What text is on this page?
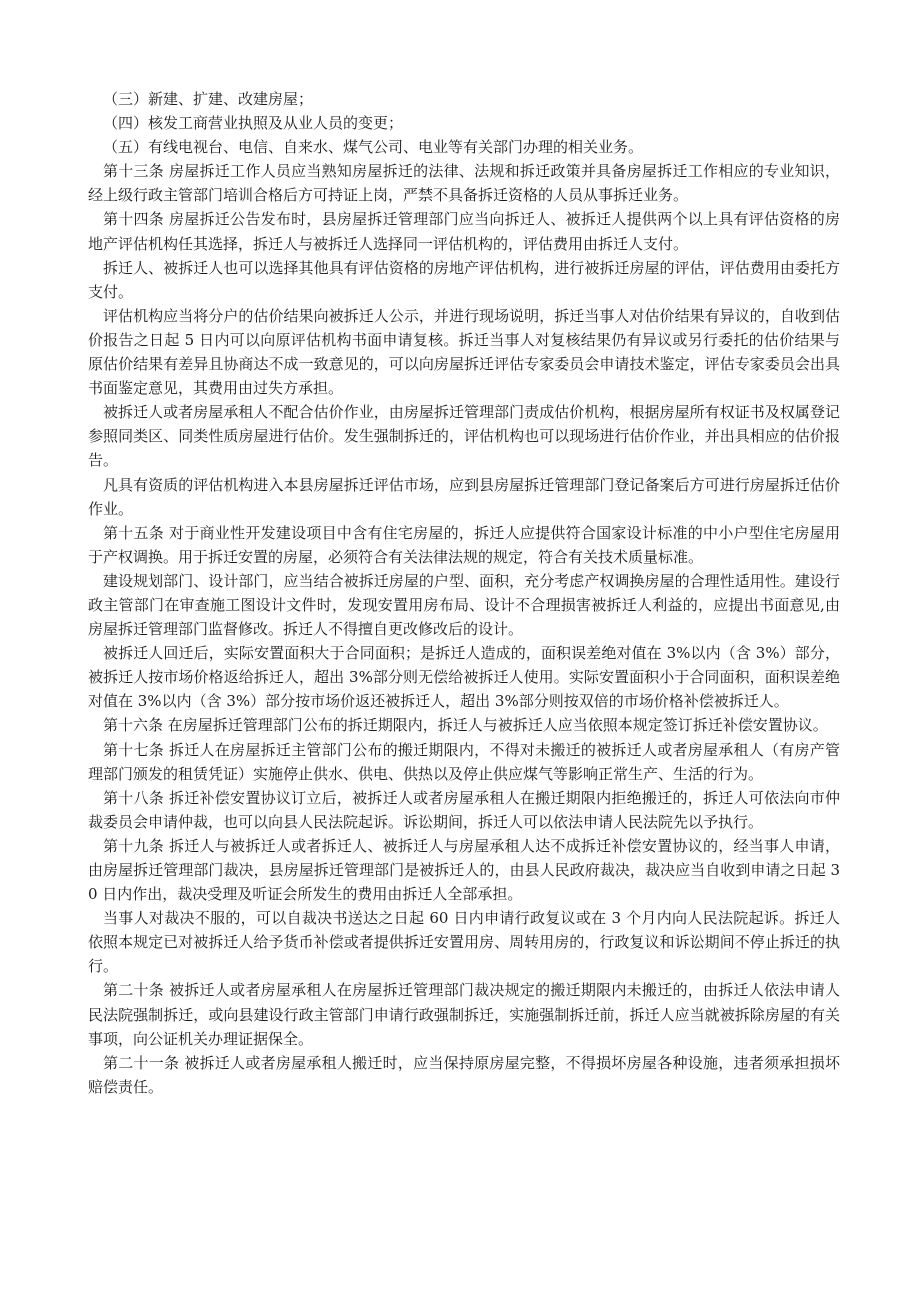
（三）新建、扩建、改建房屋；

（四）核发工商营业执照及从业人员的变更；

（五）有线电视台、电信、自来水、煤气公司、电业等有关部门办理的相关业务。

第十三条 房屋拆迁工作人员应当熟知房屋拆迁的法律、法规和拆迁政策并具备房屋拆迁工作相应的专业知识，经上级行政主管部门培训合格后方可持证上岗，严禁不具备拆迁资格的人员从事拆迁业务。

第十四条 房屋拆迁公告发布时，县房屋拆迁管理部门应当向拆迁人、被拆迁人提供两个以上具有评估资格的房地产评估机构任其选择，拆迁人与被拆迁人选择同一评估机构的，评估费用由拆迁人支付。

拆迁人、被拆迁人也可以选择其他具有评估资格的房地产评估机构，进行被拆迁房屋的评估，评估费用由委托方支付。

评估机构应当将分户的估价结果向被拆迁人公示，并进行现场说明，拆迁当事人对估价结果有异议的，自收到估价报告之日起 5 日内可以向原评估机构书面申请复核。拆迁当事人对复核结果仍有异议或另行委托的估价结果与原估价结果有差异且协商达不成一致意见的，可以向房屋拆迁评估专家委员会申请技术鉴定，评估专家委员会出具书面鉴定意见，其费用由过失方承担。

被拆迁人或者房屋承租人不配合估价作业，由房屋拆迁管理部门责成估价机构，根据房屋所有权证书及权属登记参照同类区、同类性质房屋进行估价。发生强制拆迁的，评估机构也可以现场进行估价作业，并出具相应的估价报告。

凡具有资质的评估机构进入本县房屋拆迁评估市场，应到县房屋拆迁管理部门登记备案后方可进行房屋拆迁估价作业。

第十五条 对于商业性开发建设项目中含有住宅房屋的，拆迁人应提供符合国家设计标准的中小户型住宅房屋用于产权调换。用于拆迁安置的房屋，必须符合有关法律法规的规定，符合有关技术质量标准。

建设规划部门、设计部门，应当结合被拆迁房屋的户型、面积，充分考虑产权调换房屋的合理性适用性。建设行政主管部门在审查施工图设计文件时，发现安置用房布局、设计不合理损害被拆迁人利益的，应提出书面意见,由房屋拆迁管理部门监督修改。拆迁人不得擅自更改修改后的设计。

被拆迁人回迁后，实际安置面积大于合同面积；是拆迁人造成的，面积误差绝对值在 3%以内（含 3%）部分，被拆迁人按市场价格返给拆迁人，超出 3%部分则无偿给被拆迁人使用。实际安置面积小于合同面积，面积误差绝对值在 3%以内（含 3%）部分按市场价返还被拆迁人，超出 3%部分则按双倍的市场价格补偿被拆迁人。

第十六条 在房屋拆迁管理部门公布的拆迁期限内，拆迁人与被拆迁人应当依照本规定签订拆迁补偿安置协议。

第十七条 拆迁人在房屋拆迁主管部门公布的搬迁期限内，不得对未搬迁的被拆迁人或者房屋承租人（有房产管理部门颁发的租赁凭证）实施停止供水、供电、供热以及停止供应煤气等影响正常生产、生活的行为。

第十八条 拆迁补偿安置协议订立后，被拆迁人或者房屋承租人在搬迁期限内拒绝搬迁的，拆迁人可依法向市仲裁委员会申请仲裁，也可以向县人民法院起诉。诉讼期间，拆迁人可以依法申请人民法院先以予执行。

第十九条 拆迁人与被拆迁人或者拆迁人、被拆迁人与房屋承租人达不成拆迁补偿安置协议的，经当事人申请，由房屋拆迁管理部门裁决，县房屋拆迁管理部门是被拆迁人的，由县人民政府裁决，裁决应当自收到申请之日起 30 日内作出，裁决受理及听证会所发生的费用由拆迁人全部承担。

当事人对裁决不服的，可以自裁决书送达之日起 60 日内申请行政复议或在 3 个月内向人民法院起诉。拆迁人依照本规定已对被拆迁人给予货币补偿或者提供拆迁安置用房、周转用房的，行政复议和诉讼期间不停止拆迁的执行。

第二十条 被拆迁人或者房屋承租人在房屋拆迁管理部门裁决规定的搬迁期限内未搬迁的，由拆迁人依法申请人民法院强制拆迁，或向县建设行政主管部门申请行政强制拆迁，实施强制拆迁前，拆迁人应当就被拆除房屋的有关事项，向公证机关办理证据保全。

第二十一条 被拆迁人或者房屋承租人搬迁时，应当保持原房屋完整，不得损坏房屋各种设施，违者须承担损坏赔偿责任。
